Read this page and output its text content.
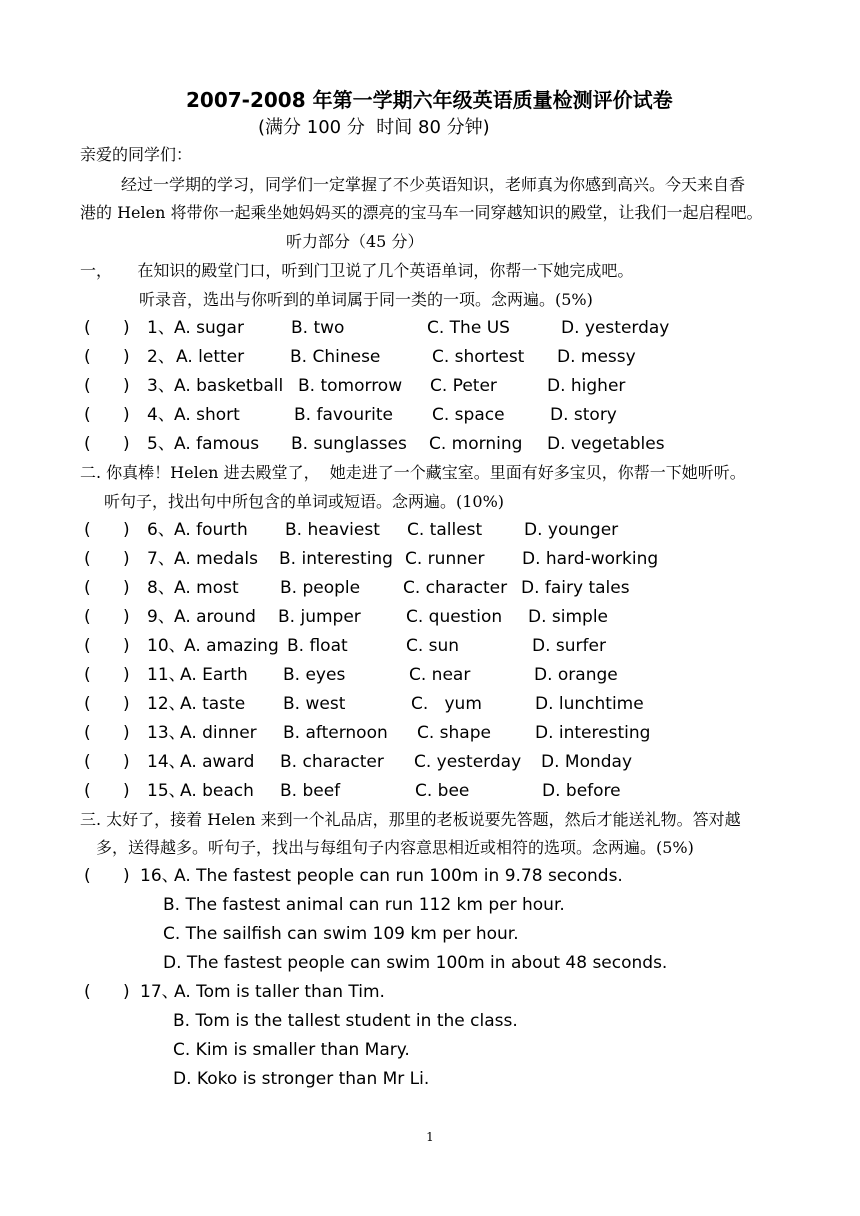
2007-2008 年第一学期六年级英语质量检测评价试卷
(满分 100 分  时间 80 分钟)
亲爱的同学们：
经过一学期的学习，同学们一定掌握了不少英语知识，老师真为你感到高兴。今天来自香
港的 Helen 将带你一起乘坐她妈妈买的漂亮的宝马车一同穿越知识的殿堂，让我们一起启程吧。
听力部分（45 分）
一，     在知识的殿堂门口，听到门卫说了几个英语单词，你帮一下她完成吧。
听录音，选出与你听到的单词属于同一类的一项。念两遍。(5%)
(      ) 1、 A. sugar	B. two	C. The US	D. yesterday
(      ) 2、 A. letter	B. Chinese	C. shortest D. messy
(      ) 3、 A. basketball B. tomorrow C. Peter	D. higher
(      ) 4、 A. short	B. favourite C. space	D. story
(      ) 5、 A. famous B. sunglasses C. morning D. vegetables
二. 你真棒！Helen 进去殿堂了，  她走进了一个藏宝室。里面有好多宝贝，你帮一下她听听。
听句子，找出句中所包含的单词或短语。念两遍。(10%)
(      ) 6、 A. fourth B. heaviest C. tallest D. younger
(      ) 7、 A. medals B. interesting C. runner D. hard-working
(      ) 8、 A. most B. people	C. character D. fairy tales
(      ) 9、 A. around B. jumper	C. question D. simple
(      ) 10、
A. amazing B. float	C. sun	D. surfer
(      ) 11、
A. Earth B. eyes	C. near	D. orange
(      ) 12、
A. taste B. west	C.   yum	D. lunchtime
(      ) 13、
A. dinner B. afternoon C. shape	D. interesting
(      ) 14、
A. award B. character C. yesterday D. Monday
(      ) 15、
A. beach B. beef	C. bee	D. before
三. 太好了，接着 Helen 来到一个礼品店，那里的老板说要先答题，然后才能送礼物。答对越
多，送得越多。听句子，找出与每组句子内容意思相近或相符的选项。念两遍。(5%)
(      ) 16、
A. The fastest people can run 100m in 9.78 seconds.
B. The fastest animal can run 112 km per hour.
C. The sailfish can swim 109 km per hour.
D. The fastest people can swim 100m in about 48 seconds.
(      ) 17、
A. Tom is taller than Tim.
B. Tom is the tallest student in the class.
C. Kim is smaller than Mary.
D. Koko is stronger than Mr Li.
1
